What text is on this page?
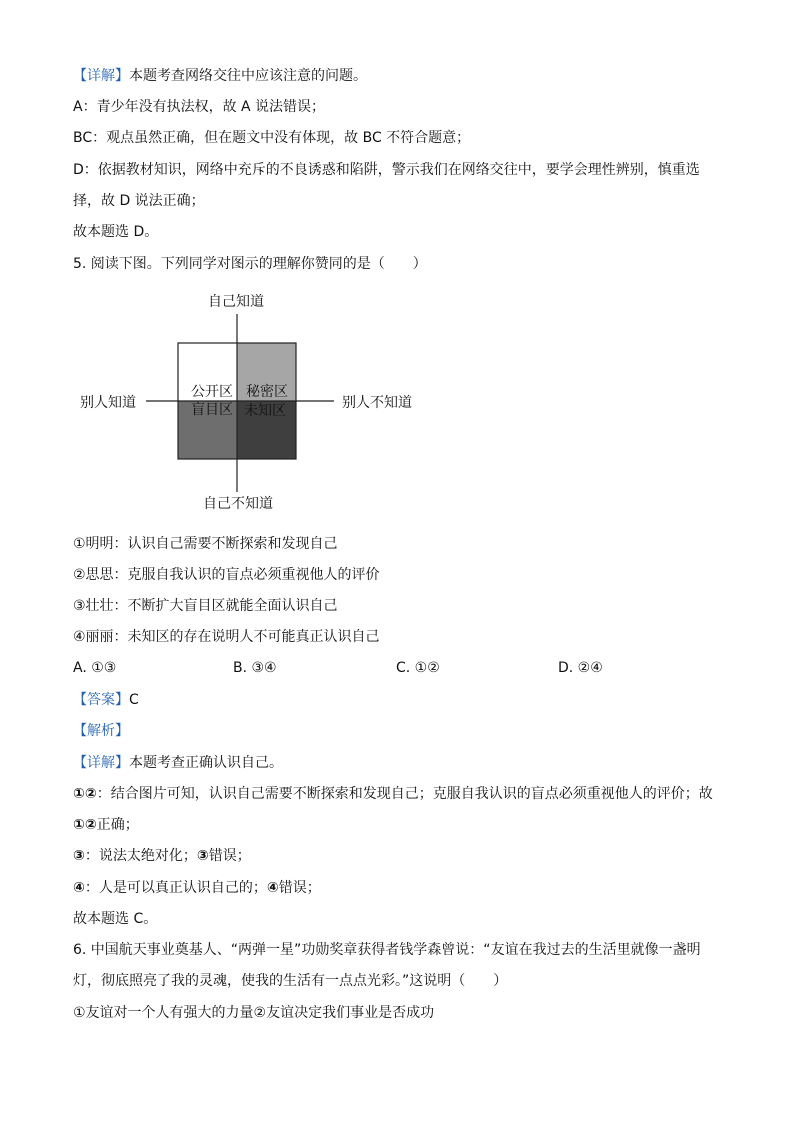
【详解】本题考查网络交往中应该注意的问题。
A：青少年没有执法权，故 A 说法错误；
BC：观点虽然正确，但在题文中没有体现，故 BC 不符合题意；
D：依据教材知识，网络中充斥的不良诱惑和陷阱，警示我们在网络交往中，要学会理性辨别，慎重选
择，故 D 说法正确；
故本题选 D。
5. 阅读下图。下列同学对图示的理解你赞同的是（　　）
自己知道
自己不知道
别人知道	别人不知道
公开区 秘密区
盲目区 未知区
①明明：认识自己需要不断探索和发现自己
②思思：克服自我认识的盲点必须重视他人的评价
③壮壮：不断扩大盲目区就能全面认识自己
④丽丽：未知区的存在说明人不可能真正认识自己
A. ①③	B. ③④	C. ①②	D. ②④
【答案】C
【解析】
【详解】本题考查正确认识自己。
①②：结合图片可知，认识自己需要不断探索和发现自己；克服自我认识的盲点必须重视他人的评价；故
①②正确；
③：说法太绝对化；③错误；
④：人是可以真正认识自己的；④错误；
故本题选 C。
6. 中国航天事业奠基人、“两弹一星”功勋奖章获得者钱学森曾说：“友谊在我过去的生活里就像一盏明
灯，彻底照亮了我的灵魂，使我的生活有一点点光彩。”这说明（　　）
①友谊对一个人有强大的力量②友谊决定我们事业是否成功
